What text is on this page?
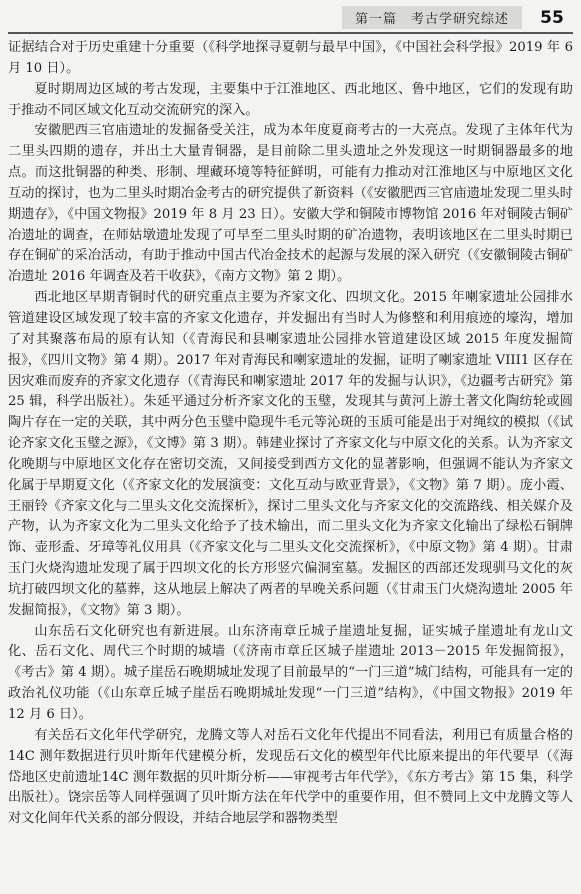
第一篇 考古学研究综述	55

证据结合对于历史重建十分重要（《科学地探寻夏朝与最早中国》，《中国社会科学报》2019 年 6 月 10 日）。

夏时期周边区域的考古发现，主要集中于江淮地区、西北地区、鲁中地区，它们的发现有助于推动不同区域文化互动交流研究的深入。

安徽肥西三官庙遗址的发掘备受关注，成为本年度夏商考古的一大亮点。发现了主体年代为二里头四期的遗存，并出土大量青铜器，是目前除二里头遗址之外发现这一时期铜器最多的地点。而这批铜器的种类、形制、埋藏环境等特征鲜明，可能有力推动对江淮地区与中原地区文化互动的探讨，也为二里头时期冶金考古的研究提供了新资料（《安徽肥西三官庙遗址发现二里头时期遗存》，《中国文物报》2019 年 8 月 23 日）。安徽大学和铜陵市博物馆 2016 年对铜陵古铜矿冶遗址的调查，在师姑墩遗址发现了可早至二里头时期的矿冶遗物，表明该地区在二里头时期已存在铜矿的采冶活动，有助于推动中国古代冶金技术的起源与发展的深入研究（《安徽铜陵古铜矿冶遗址 2016 年调查及若干收获》，《南方文物》第 2 期）。

西北地区早期青铜时代的研究重点主要为齐家文化、四坝文化。2015 年喇家遗址公园排水管道建设区域发现了较丰富的齐家文化遗存，并发掘出有当时人为修整和利用痕迹的壕沟，增加了对其聚落布局的原有认知（《青海民和县喇家遗址公园排水管道建设区域 2015 年度发掘简报》，《四川文物》第 4 期）。2017 年对青海民和喇家遗址的发掘，证明了喇家遗址 VIII1 区存在因灾难而废弃的齐家文化遗存（《青海民和喇家遗址 2017 年的发掘与认识》，《边疆考古研究》第 25 辑，科学出版社）。朱延平通过分析齐家文化的玉璧，发现其与黄河上游土著文化陶纺轮或圆陶片存在一定的关联，其中两分色玉璧中隐现牛毛元等沁斑的玉质可能是出于对绳纹的模拟（《试论齐家文化玉璧之源》，《文博》第 3 期）。韩建业探讨了齐家文化与中原文化的关系。认为齐家文化晚期与中原地区文化存在密切交流，又间接受到西方文化的显著影响，但强调不能认为齐家文化属于早期夏文化（《齐家文化的发展演变：文化互动与欧亚背景》，《文物》第 7 期）。庞小霞、王丽铃《齐家文化与二里头文化交流探析》，探讨二里头文化与齐家文化的交流路线、相关媒介及产物，认为齐家文化为二里头文化给予了技术输出，而二里头文化为齐家文化输出了绿松石铜牌饰、壶形盉、牙璋等礼仪用具（《齐家文化与二里头文化交流探析》，《中原文物》第 4 期）。甘肃玉门火烧沟遗址发现了属于四坝文化的长方形竖穴偏洞室墓。发掘区的西部还发现驯马文化的灰坑打破四坝文化的墓葬，这从地层上解决了两者的早晚关系问题（《甘肃玉门火烧沟遗址 2005 年发掘简报》，《文物》第 3 期）。

山东岳石文化研究也有新进展。山东济南章丘城子崖遗址复掘，证实城子崖遗址有龙山文化、岳石文化、周代三个时期的城墙（《济南市章丘区城子崖遗址 2013－2015 年发掘简报》，《考古》第 4 期）。城子崖岳石晚期城址发现了目前最早的“一门三道”城门结构，可能具有一定的政治礼仪功能（《山东章丘城子崖岳石晚期城址发现“一门三道”结构》，《中国文物报》2019 年 12 月 6 日）。

有关岳石文化年代学研究，龙腾文等人对岳石文化年代提出不同看法，利用已有质量合格的 14C 测年数据进行贝叶斯年代建模分析，发现岳石文化的模型年代比原来提出的年代要早（《海岱地区史前遗址14C 测年数据的贝叶斯分析——审视考古年代学》，《东方考古》第 15 集，科学出版社）。饶宗岳等人同样强调了贝叶斯方法在年代学中的重要作用，但不赞同上文中龙腾文等人对文化间年代关系的部分假设，并结合地层学和器物类型
